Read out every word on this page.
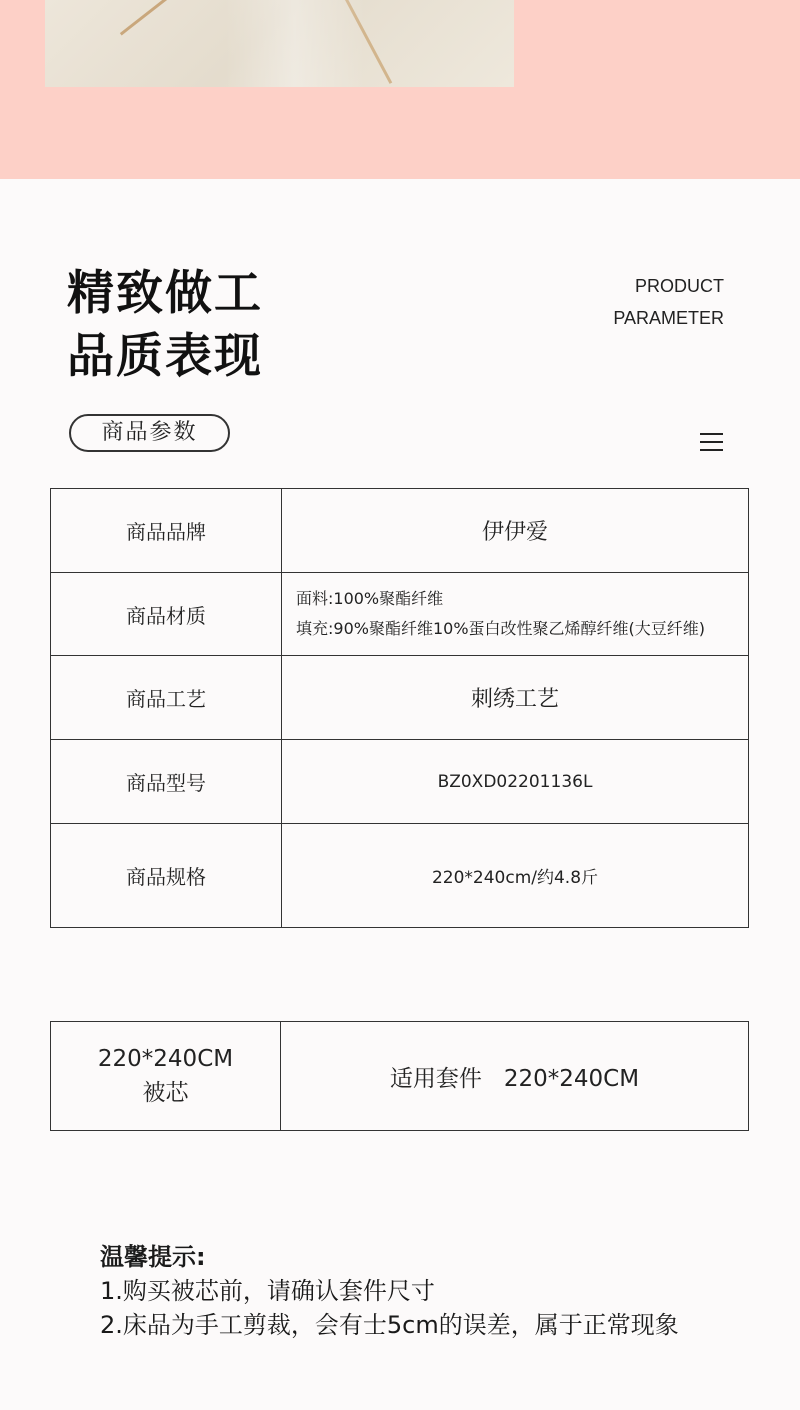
精致做工
品质表现
PRODUCT
PARAMETER
商品参数
商品品牌	伊伊爱
商品材质	面料:100%聚酯纤维
填充:90%聚酯纤维10%蛋白改性聚乙烯醇纤维(大豆纤维)

商品工艺	刺绣工艺
商品型号	BZ0XD02201136L
商品规格	220*240cm/约4.8斤
220*240CM
被芯
	适用套件   220*240CM
温馨提示:
1.购买被芯前，请确认套件尺寸
2.床品为手工剪裁，会有士5cm的误差，属于正常现象
